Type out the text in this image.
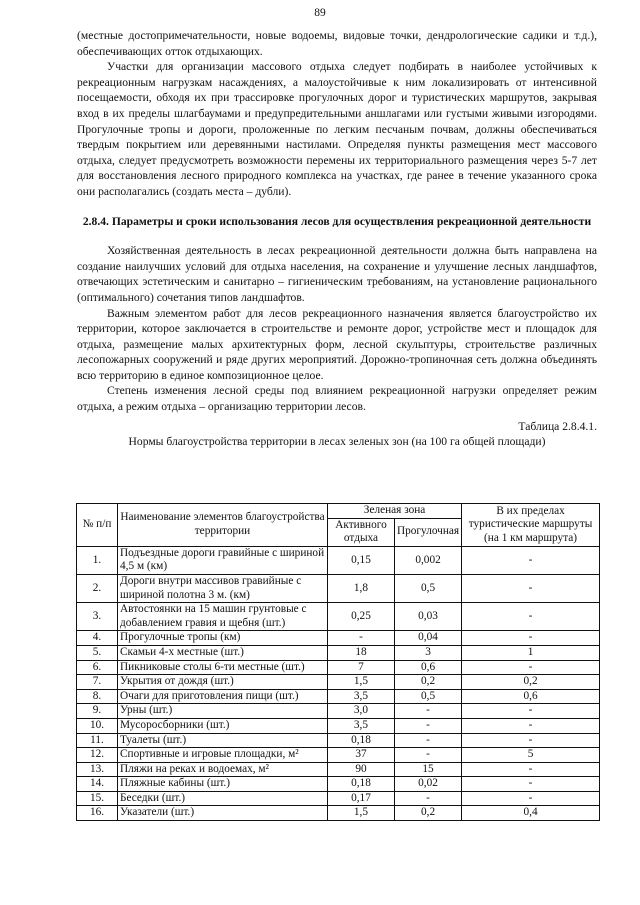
89

(местные достопримечательности, новые водоемы, видовые точки, дендрологические садики и т.д.), обеспечивающих отток отдыхающих.

Участки для организации массового отдыха следует подбирать в наиболее устойчивых к рекреационным нагрузкам насаждениях, а малоустойчивые к ним локализировать от интенсивной посещаемости, обходя их при трассировке прогулочных дорог и туристических маршрутов, закрывая вход в их пределы шлагбаумами и предупредительными аншлагами или густыми живыми изгородями. Прогулочные тропы и дороги, проложенные по легким песчаным почвам, должны обеспечиваться твердым покрытием или деревянными настилами. Определяя пункты размещения мест массового отдыха, следует предусмотреть возможности перемены их территориального размещения через 5-7 лет для восстановления лесного природного комплекса на участках, где ранее в течение указанного срока они располагались (создать места – дубли).

2.8.4. Параметры и сроки использования лесов для осуществления рекреационной деятельности

Хозяйственная деятельность в лесах рекреационной деятельности должна быть направлена на создание наилучших условий для отдыха населения, на сохранение и улучшение лесных ландшафтов, отвечающих эстетическим и санитарно – гигиеническим требованиям, на установление рационального (оптимального) сочетания типов ландшафтов.

Важным элементом работ для лесов рекреационного назначения является благоустройство их территории, которое заключается в строительстве и ремонте дорог, устройстве мест и площадок для отдыха, размещение малых архитектурных форм, лесной скульптуры, строительстве различных лесопожарных сооружений и ряде других мероприятий. Дорожно-тропиночная сеть должна объединять всю территорию в единое композиционное целое.

Степень изменения лесной среды под влиянием рекреационной нагрузки определяет режим отдыха, а режим отдыха – организацию территории лесов.

Таблица 2.8.4.1.
Нормы благоустройства территории в лесах зеленых зон (на 100 га общей площади)
№ п/п	Наименование элементов благоустройства территории	Зеленая зона		В их пределах туристические маршруты (на 1 км маршрута)
		Активного отдыха	Прогулочная	
1.	Подъездные дороги гравийные с шириной 4,5 м (км)	0,15	0,002	-
2.	Дороги внутри массивов гравийные с шириной полотна 3 м. (км)	1,8	0,5	-
3.	Автостоянки на 15 машин грунтовые с добавлением гравия и щебня (шт.)	0,25	0,03	-
4.	Прогулочные тропы (км)	-	0,04	-
5.	Скамьи 4-х местные (шт.)	18	3	1
6.	Пикниковые столы 6-ти местные (шт.)	7	0,6	-
7.	Укрытия от дождя (шт.)	1,5	0,2	0,2
8.	Очаги для приготовления пищи (шт.)	3,5	0,5	0,6
9.	Урны (шт.)	3,0	-	-
10.	Мусоросборники (шт.)	3,5	-	-
11.	Туалеты (шт.)	0,18	-	-
12.	Спортивные и игровые площадки, м²	37	-	5
13.	Пляжи на реках и водоемах, м²	90	15	-
14.	Пляжные кабины (шт.)	0,18	0,02	-
15.	Беседки (шт.)	0,17	-	-
16.	Указатели (шт.)	1,5	0,2	0,4
